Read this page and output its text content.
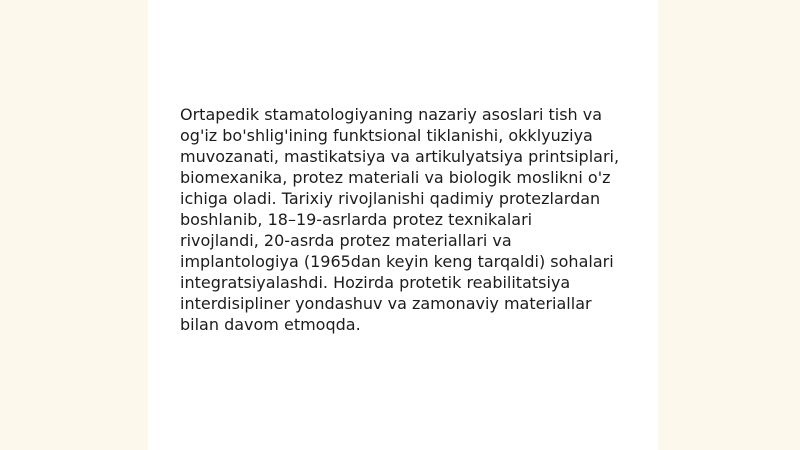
Ortapedik stamatologiyaning nazariy asoslari tish va
og'iz bo'shlig'ining funktsional tiklanishi, okklyuziya
muvozanati, mastikatsiya va artikulyatsiya printsiplari,
biomexanika, protez materiali va biologik moslikni o'z
ichiga oladi. Tarixiy rivojlanishi qadimiy protezlardan
boshlanib, 18–19-asrlarda protez texnikalari
rivojlandi, 20-asrda protez materiallari va
implantologiya (1965dan keyin keng tarqaldi) sohalari
integratsiyalashdi. Hozirda protetik reabilitatsiya
interdisipliner yondashuv va zamonaviy materiallar
bilan davom etmoqda.
